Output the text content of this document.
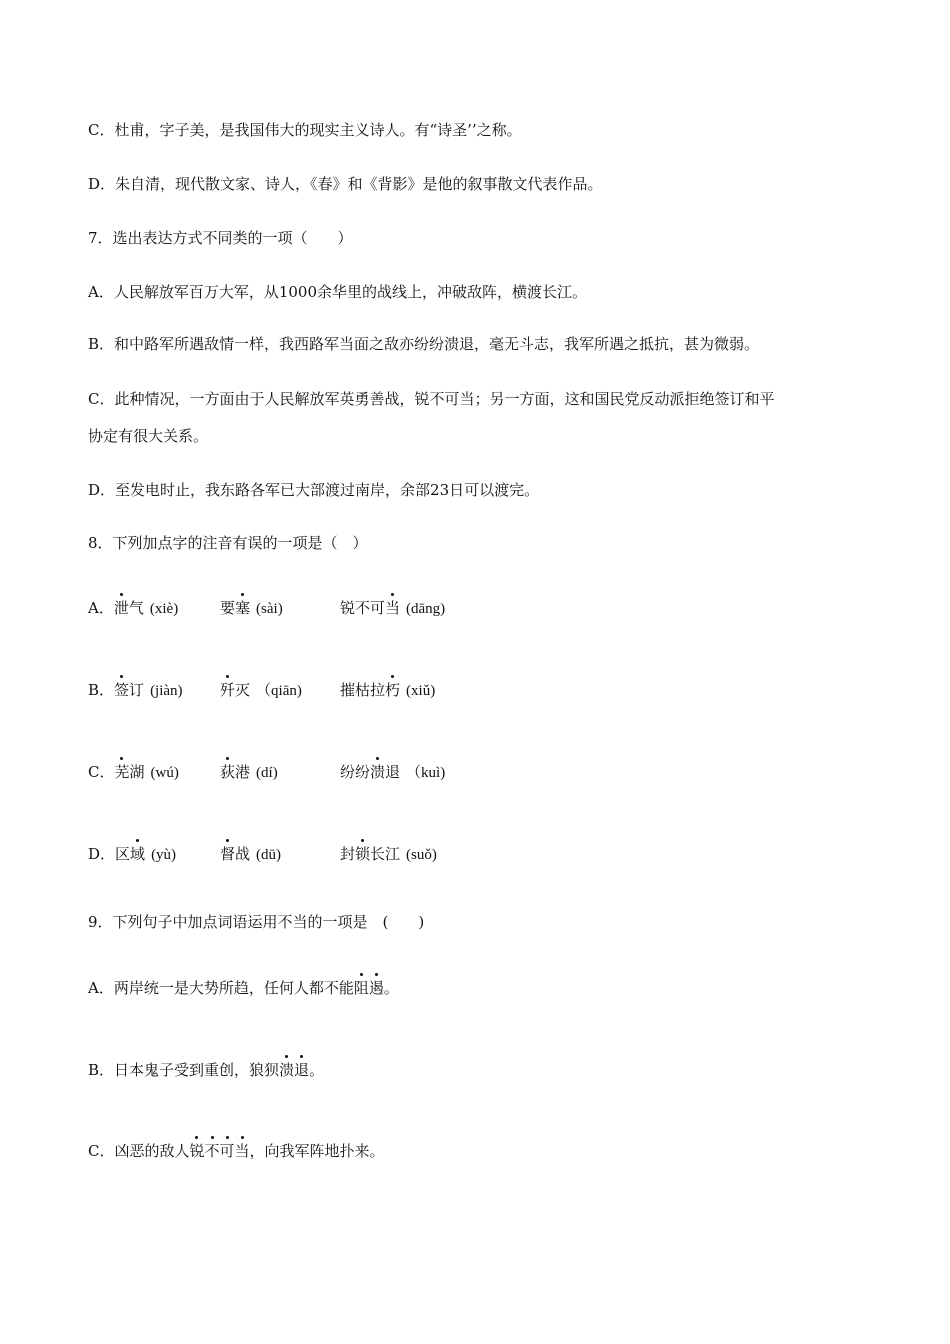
C．杜甫，字子美，是我国伟大的现实主义诗人。有“诗圣’’之称。
D．朱自清，现代散文家、诗人，《春》和《背影》是他的叙事散文代表作品。
7．选出表达方式不同类的一项（　　）
A．人民解放军百万大军，从1000余华里的战线上，冲破敌阵，横渡长江。
B．和中路军所遇敌情一样，我西路军当面之敌亦纷纷溃退，毫无斗志，我军所遇之抵抗，甚为微弱。
C．此种情况，一方面由于人民解放军英勇善战，锐不可当；另一方面，这和国民党反动派拒绝签订和平
协定有很大关系。
D．至发电时止，我东路各军已大部渡过南岸，余部23日可以渡完。
8．下列加点字的注音有误的一项是（　）
A．泄气 (xiè)	要塞 (sài)	锐不可当 (dāng)
B．签订 (jiàn) 歼灭 （qiān)	摧枯拉朽 (xiǔ)
C．芜湖 (wú)	荻港 (dí)	纷纷溃退 （kuì)
D．区域 (yù)	督战 (dū)	封锁长江 (suǒ)
9．下列句子中加点词语运用不当的一项是　(　　)
A．两岸统一是大势所趋，任何人都不能阻遏。
B．日本鬼子受到重创，狼狈溃退。
C．凶恶的敌人锐不可当，向我军阵地扑来。
